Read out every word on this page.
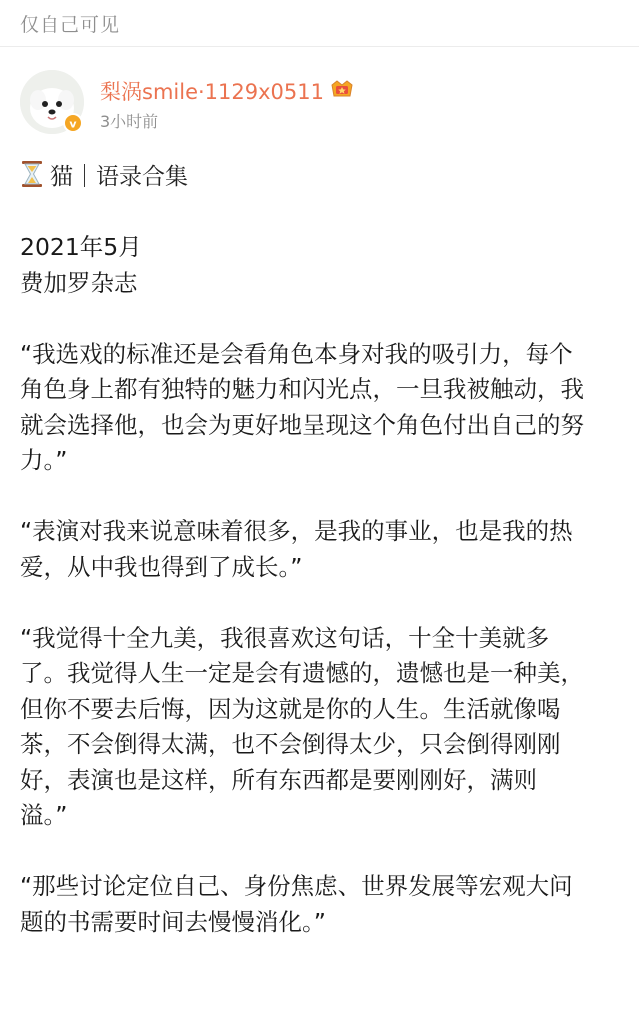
仅自己可见
v
梨涡smile·1129x0511
3小时前
猫｜语录合集
2021年5月
费加罗杂志
“我选戏的标准还是会看角色本身对我的吸引力，每个
角色身上都有独特的魅力和闪光点，一旦我被触动，我
就会选择他，也会为更好地呈现这个角色付出自己的努
力。”
“表演对我来说意味着很多，是我的事业，也是我的热
爱，从中我也得到了成长。”
“我觉得十全九美，我很喜欢这句话，十全十美就多
了。我觉得人生一定是会有遗憾的，遗憾也是一种美，
但你不要去后悔，因为这就是你的人生。生活就像喝
茶，不会倒得太满，也不会倒得太少，只会倒得刚刚
好，表演也是这样，所有东西都是要刚刚好，满则
溢。”
“那些讨论定位自己、身份焦虑、世界发展等宏观大问
题的书需要时间去慢慢消化。”
